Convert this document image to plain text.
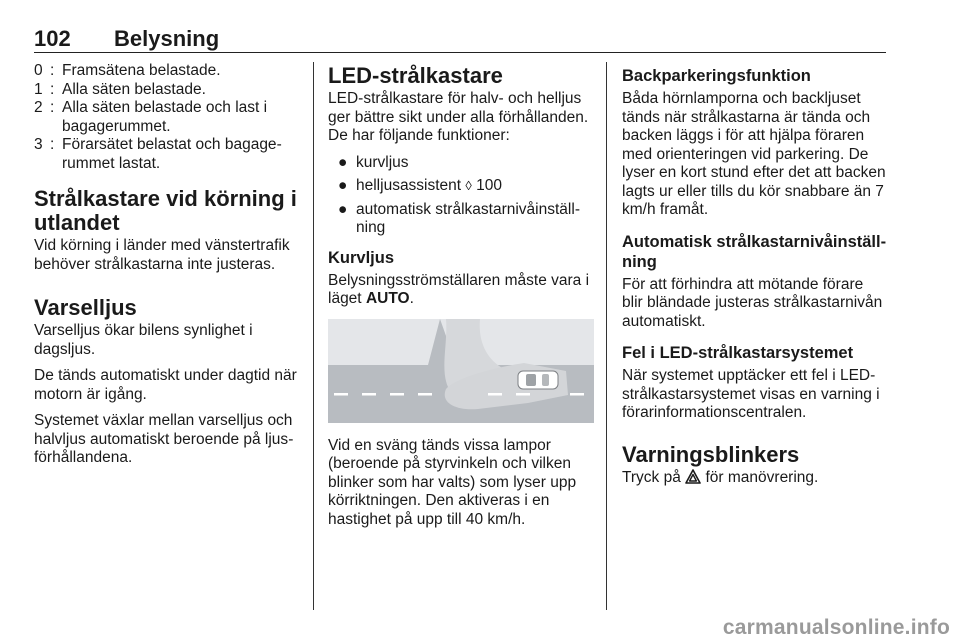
102 Belysning
0 : Framsätena belastade.
1 : Alla säten belastade.
2 : Alla säten belastade och last i bagagerummet.
3 : Förarsätet belastat och bagagerummet lastat.
Strålkastare vid körning i utlandet

Vid körning i länder med vänstertrafik behöver strålkastarna inte justeras.

Varselljus

Varselljus ökar bilens synlighet i dagsljus.

De tänds automatiskt under dagtid när motorn är igång.

Systemet växlar mellan varselljus och halvljus automatiskt beroende på ljusförhållandena.

LED-strålkastare

LED-strålkastare för halv- och helljus ger bättre sikt under alla förhållanden. De har följande funktioner:

● kurvljus
● helljusassistent ◊ 100
● automatisk strålkastarnivåinställning
Kurvljus

Belysningsströmställaren måste vara i läget AUTO.

Vid en sväng tänds vissa lampor (beroende på styrvinkeln och vilken blinker som har valts) som lyser upp körriktningen. Den aktiveras i en hastighet på upp till 40 km/h.

Backparkeringsfunktion

Båda hörnlamporna och backljuset tänds när strålkastarna är tända och backen läggs i för att hjälpa föraren med orienteringen vid parkering. De lyser en kort stund efter det att backen lagts ur eller tills du kör snabbare än 7 km/h framåt.

Automatisk strålkastarnivåinställning

För att förhindra att mötande förare blir bländade justeras strålkastarnivån automatiskt.

Fel i LED-strålkastarsystemet

När systemet upptäcker ett fel i LED-strålkastarsystemet visas en varning i förarinformationscentralen.

Varningsblinkers

Tryck på för manövrering.

carmanualsonline.info
